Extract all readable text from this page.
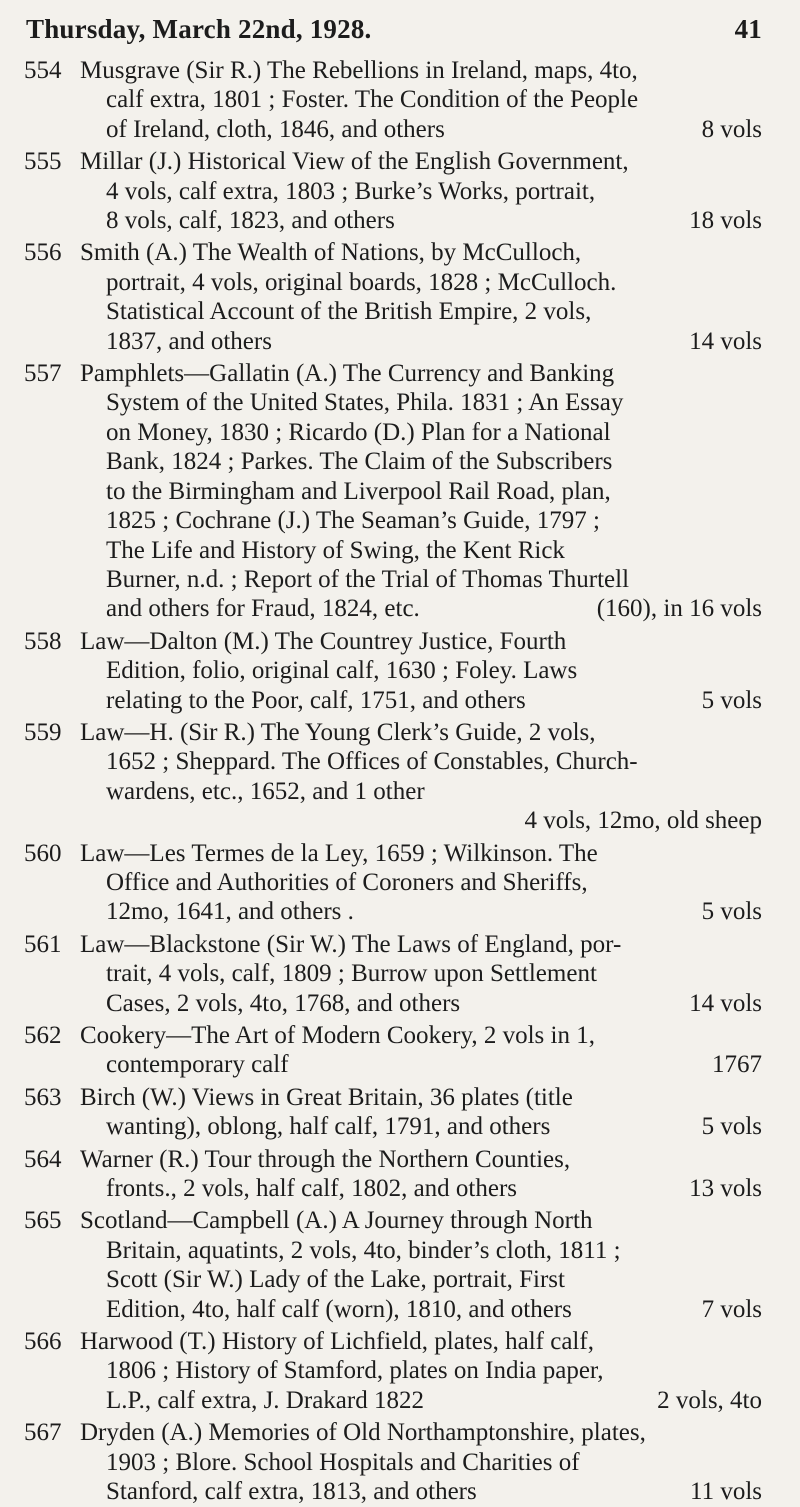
Thursday, March 22nd, 1928.	41
554 Musgrave (Sir R.) The Rebellions in Ireland, maps, 4to,
calf extra, 1801 ; Foster. The Condition of the People
of Ireland, cloth, 1846, and others	8 vols
555 Millar (J.) Historical View of the English Government,
4 vols, calf extra, 1803 ; Burke’s Works, portrait,
8 vols, calf, 1823, and others	18 vols
556 Smith (A.) The Wealth of Nations, by McCulloch,
portrait, 4 vols, original boards, 1828 ; McCulloch.
Statistical Account of the British Empire, 2 vols,
1837, and others	14 vols
557 Pamphlets—Gallatin (A.) The Currency and Banking
System of the United States, Phila. 1831 ; An Essay
on Money, 1830 ; Ricardo (D.) Plan for a National
Bank, 1824 ; Parkes. The Claim of the Subscribers
to the Birmingham and Liverpool Rail Road, plan,
1825 ; Cochrane (J.) The Seaman’s Guide, 1797 ;
The Life and History of Swing, the Kent Rick
Burner, n.d. ; Report of the Trial of Thomas Thurtell
and others for Fraud, 1824, etc.	(160), in 16 vols
558 Law—Dalton (M.) The Countrey Justice, Fourth
Edition, folio, original calf, 1630 ; Foley. Laws
relating to the Poor, calf, 1751, and others	5 vols
559 Law—H. (Sir R.) The Young Clerk’s Guide, 2 vols,
1652 ; Sheppard. The Offices of Constables, Church-
wardens, etc., 1652, and 1 other
4 vols, 12mo, old sheep
560 Law—Les Termes de la Ley, 1659 ; Wilkinson. The
Office and Authorities of Coroners and Sheriffs,
12mo, 1641, and others .	5 vols
561 Law—Blackstone (Sir W.) The Laws of England, por-
trait, 4 vols, calf, 1809 ; Burrow upon Settlement
Cases, 2 vols, 4to, 1768, and others	14 vols
562 Cookery—The Art of Modern Cookery, 2 vols in 1,
contemporary calf	1767
563 Birch (W.) Views in Great Britain, 36 plates (title
wanting), oblong, half calf, 1791, and others	5 vols
564 Warner (R.) Tour through the Northern Counties,
fronts., 2 vols, half calf, 1802, and others	13 vols
565 Scotland—Campbell (A.) A Journey through North
Britain, aquatints, 2 vols, 4to, binder’s cloth, 1811 ;
Scott (Sir W.) Lady of the Lake, portrait, First
Edition, 4to, half calf (worn), 1810, and others	7 vols
566 Harwood (T.) History of Lichfield, plates, half calf,
1806 ; History of Stamford, plates on India paper,
L.P., calf extra, J. Drakard 1822	2 vols, 4to
567 Dryden (A.) Memories of Old Northamptonshire, plates,
1903 ; Blore. School Hospitals and Charities of
Stanford, calf extra, 1813, and others	11 vols
